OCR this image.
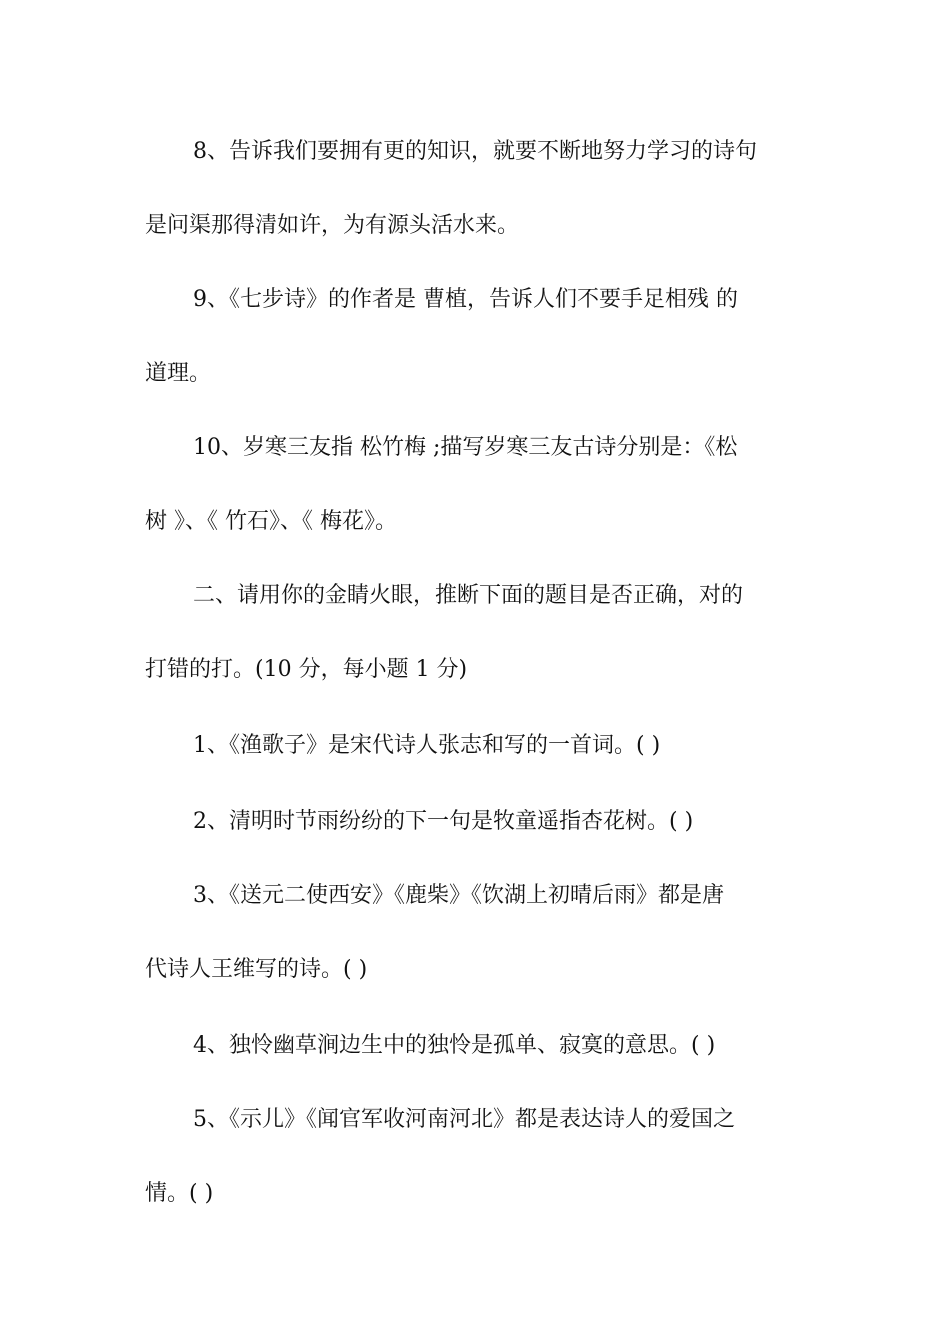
8、告诉我们要拥有更的知识，就要不断地努力学习的诗句
是问渠那得清如许，为有源头活水来。
9、《七步诗》的作者是 曹植，告诉人们不要手足相残 的
道理。
10、岁寒三友指 松竹梅 ;描写岁寒三友古诗分别是：《松
树 》、《 竹石》、《 梅花》。
二、请用你的金睛火眼，推断下面的题目是否正确，对的
打错的打。(10 分，每小题 1 分)
1、《渔歌子》是宋代诗人张志和写的一首词。( )
2、清明时节雨纷纷的下一句是牧童遥指杏花树。( )
3、《送元二使西安》《鹿柴》《饮湖上初晴后雨》都是唐
代诗人王维写的诗。( )
4、独怜幽草涧边生中的独怜是孤单、寂寞的意思。( )
5、《示儿》《闻官军收河南河北》都是表达诗人的爱国之
情。( )
